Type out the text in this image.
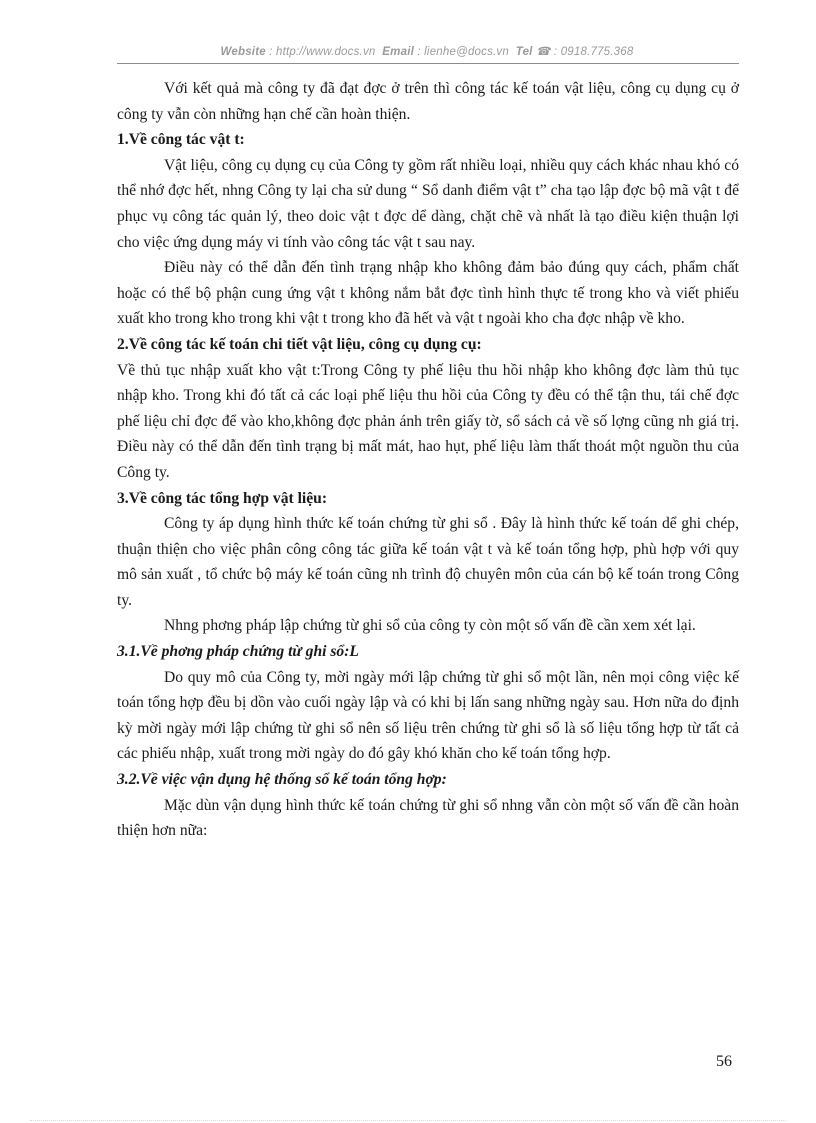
Website : http://www.docs.vn Email : lienhe@docs.vn Tel ☎ : 0918.775.368

Với kết quả mà công ty đã đạt đợc ở trên thì công tác kế toán vật liệu, công cụ dụng cụ ở công ty vẫn còn những hạn chế cần hoàn thiện.

1.Về công tác vật t:

Vật liệu, công cụ dụng cụ của Công ty gồm rất nhiều loại, nhiều quy cách khác nhau khó có thể nhớ đợc hết, nhng Công ty lại cha sử dung “ Sổ danh điểm vật t” cha tạo lập đợc bộ mã vật t để phục vụ công tác quản lý, theo doic vật t đợc dể dàng, chặt chẽ và nhất là tạo điều kiện thuận lợi cho việc ứng dụng máy vi tính vào công tác vật t sau nay.

Điều này có thể dẫn đến tình trạng nhập kho không đảm bảo đúng quy cách, phẩm chất hoặc có thể bộ phận cung ứng vật t không nắm bắt đợc tình hình thực tế trong kho và viết phiếu xuất kho trong kho trong khi vật t trong kho đã hết và vật t ngoài kho cha đợc nhập về kho.

2.Về công tác kế toán chi tiết vật liệu, công cụ dụng cụ:

Về thủ tục nhập xuất kho vật t:Trong Công ty phế liệu thu hồi nhập kho không đợc làm thủ tục nhập kho. Trong khi đó tất cả các loại phế liệu thu hồi của Công ty đều có thể tận thu, tái chế đợc phế liệu chỉ đợc để vào kho,không đợc phản ánh trên giấy tờ, sổ sách cả về số lợng cũng nh giá trị. Điều này có thể dẫn đến tình trạng bị mất mát, hao hụt, phế liệu làm thất thoát một nguồn thu của Công ty.

3.Về công tác tổng hợp vật liệu:

Công ty áp dụng hình thức kế toán chứng từ ghi sổ . Đây là hình thức kế toán dể ghi chép, thuận thiện cho việc phân công công tác giữa kế toán vật t và kế toán tổng hợp, phù hợp với quy mô sản xuất , tổ chức bộ máy kế toán cũng nh trình độ chuyên môn của cán bộ kế toán trong Công ty.

Nhng phơng pháp lập chứng từ ghi sổ của công ty còn một số vấn đề cần xem xét lại.

3.1.Về phơng pháp chứng từ ghi sổ:L

Do quy mô của Công ty, mời ngày mới lập chứng từ ghi sổ một lần, nên mọi công việc kế toán tổng hợp đều bị dồn vào cuối ngày lập và có khi bị lấn sang những ngày sau. Hơn nữa do định kỳ mời ngày mới lập chứng từ ghi sổ nên số liệu trên chứng từ ghi sổ là số liệu tổng hợp từ tất cả các phiếu nhập, xuất trong mời ngày do đó gây khó khăn cho kế toán tổng hợp.

3.2.Về việc vận dụng hệ thống sổ kế toán tổng hợp:

Mặc dùn vận dụng hình thức kế toán chứng từ ghi sổ nhng vẫn còn một số vấn đề cần hoàn thiện hơn nữa:

56
